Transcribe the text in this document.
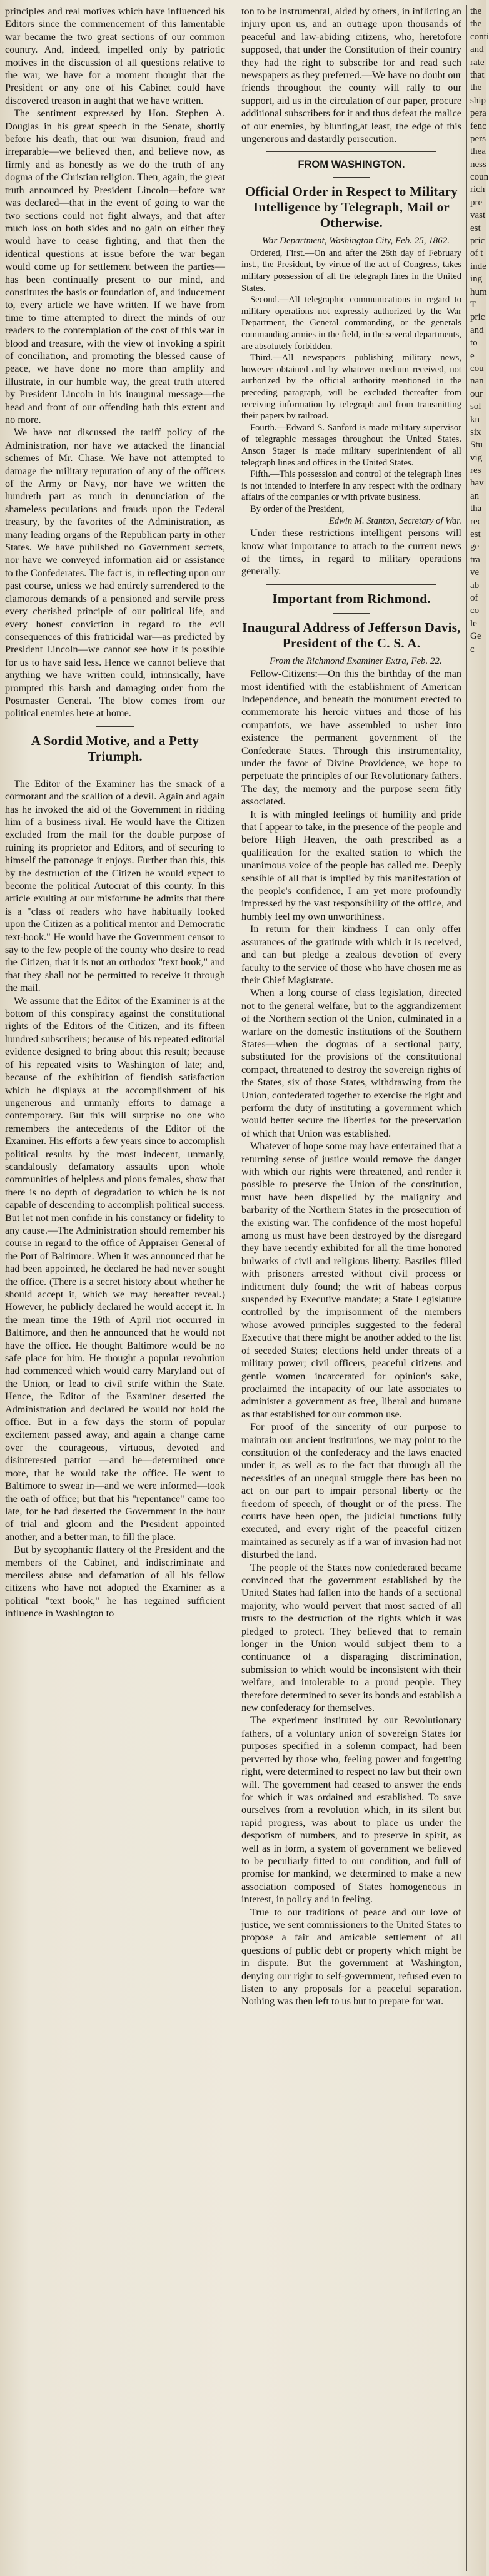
principles and real motives which have influenced his Editors since the commencement of this lamentable war became the two great sections of our common country. And, indeed, impelled only by patriotic motives in the discussion of all questions relative to the war, we have for a moment thought that the President or any one of his Cabinet could have discovered treason in aught that we have written.

The sentiment expressed by Hon. Stephen A. Douglas in his great speech in the Senate, shortly before his death, that our war disunion, fraud and irreparable—we believed then, and believe now, as firmly and as honestly as we do the truth of any dogma of the Christian religion. Then, again, the great truth announced by President Lincoln—before war was declared—that in the event of going to war the two sections could not fight always, and that after much loss on both sides and no gain on either they would have to cease fighting, and that then the identical questions at issue before the war began would come up for settlement between the parties—has been continually present to our mind, and constitutes the basis or foundation of, and inducement to, every article we have written. If we have from time to time attempted to direct the minds of our readers to the contemplation of the cost of this war in blood and treasure, with the view of invoking a spirit of conciliation, and promoting the blessed cause of peace, we have done no more than amplify and illustrate, in our humble way, the great truth uttered by President Lincoln in his inaugural message—the head and front of our offending hath this extent and no more.

We have not discussed the tariff policy of the Administration, nor have we attacked the financial schemes of Mr. Chase. We have not attempted to damage the military reputation of any of the officers of the Army or Navy, nor have we written the hundreth part as much in denunciation of the shameless peculations and frauds upon the Federal treasury, by the favorites of the Administration, as many leading organs of the Republican party in other States. We have published no Government secrets, nor have we conveyed information aid or assistance to the Confederates. The fact is, in reflecting upon our past course, unless we had entirely surrendered to the clamorous demands of a pensioned and servile press every cherished principle of our political life, and every honest conviction in regard to the evil consequences of this fratricidal war—as predicted by President Lincoln—we cannot see how it is possible for us to have said less. Hence we cannot believe that anything we have written could, intrinsically, have prompted this harsh and damaging order from the Postmaster General. The blow comes from our political enemies here at home.

A Sordid Motive, and a Petty Triumph.

The Editor of the Examiner has the smack of a cormorant and the scallion of a devil. Again and again has he invoked the aid of the Government in ridding him of a business rival. He would have the Citizen excluded from the mail for the double purpose of ruining its proprietor and Editors, and of securing to himself the patronage it enjoys. Further than this, this by the destruction of the Citizen he would expect to become the political Autocrat of this county. In this article exulting at our misfortune he admits that there is a "class of readers who have habitually looked upon the Citizen as a political mentor and Democratic text-book." He would have the Government censor to say to the few people of the county who desire to read the Citizen, that it is not an orthodox "text book," and that they shall not be permitted to receive it through the mail.

We assume that the Editor of the Examiner is at the bottom of this conspiracy against the constitutional rights of the Editors of the Citizen, and its fifteen hundred subscribers; because of his repeated editorial evidence designed to bring about this result; because of his repeated visits to Washington of late; and, because of the exhibition of fiendish satisfaction which he displays at the accomplishment of his ungenerous and unmanly efforts to damage a contemporary. But this will surprise no one who remembers the antecedents of the Editor of the Examiner. His efforts a few years since to accomplish political results by the most indecent, unmanly, scandalously defamatory assaults upon whole communities of helpless and pious females, show that there is no depth of degradation to which he is not capable of descending to accomplish political success. But let not men confide in his constancy or fidelity to any cause.—The Administration should remember his course in regard to the office of Appraiser General of the Port of Baltimore. When it was announced that he had been appointed, he declared he had never sought the office. (There is a secret history about whether he should accept it, which we may hereafter reveal.) However, he publicly declared he would accept it. In the mean time the 19th of April riot occurred in Baltimore, and then he announced that he would not have the office. He thought Baltimore would be no safe place for him. He thought a popular revolution had commenced which would carry Maryland out of the Union, or lead to civil strife within the State. Hence, the Editor of the Examiner deserted the Administration and declared he would not hold the office. But in a few days the storm of popular excitement passed away, and again a change came over the courageous, virtuous, devoted and disinterested patriot —and he—determined once more, that he would take the office. He went to Baltimore to swear in—and we were informed—took the oath of office; but that his "repentance" came too late, for he had deserted the Government in the hour of trial and gloom and the President appointed another, and a better man, to fill the place.

But by sycophantic flattery of the President and the members of the Cabinet, and indiscriminate and merciless abuse and defamation of all his fellow citizens who have not adopted the Examiner as a political "text book," he has regained sufficient influence in Washington to

ton to be instrumental, aided by others, in inflicting an injury upon us, and an outrage upon thousands of peaceful and law-abiding citizens, who, heretofore supposed, that under the Constitution of their country they had the right to subscribe for and read such newspapers as they preferred.—We have no doubt our friends throughout the county will rally to our support, aid us in the circulation of our paper, procure additional subscribers for it and thus defeat the malice of our enemies, by blunting,at least, the edge of this ungenerous and dastardly persecution.

FROM WASHINGTON.
Official Order in Respect to Military Intelligence by Telegraph, Mail or Otherwise.

War Department, Washington City, Feb. 25, 1862.

Ordered, First.—On and after the 26th day of February inst., the President, by virtue of the act of Congress, takes military possession of all the telegraph lines in the United States.

Second.—All telegraphic communications in regard to military operations not expressly authorized by the War Department, the General commanding, or the generals commanding armies in the field, in the several departments, are absolutely forbidden.

Third.—All newspapers publishing military news, however obtained and by whatever medium received, not authorized by the official authority mentioned in the preceding paragraph, will be excluded thereafter from receiving information by telegraph and from transmitting their papers by railroad.

Fourth.—Edward S. Sanford is made military supervisor of telegraphic messages throughout the United States. Anson Stager is made military superintendent of all telegraph lines and offices in the United States.

Fifth.—This possession and control of the telegraph lines is not intended to interfere in any respect with the ordinary affairs of the companies or with private business.

By order of the President,

Edwin M. Stanton, Secretary of War.

Under these restrictions intelligent persons will know what importance to attach to the current news of the times, in regard to military operations generally.

Important from Richmond.
Inaugural Address of Jefferson Davis, President of the C. S. A.

From the Richmond Examiner Extra, Feb. 22.

Fellow-Citizens:—On this the birthday of the man most identified with the establishment of American Independence, and beneath the monument erected to commemorate his heroic virtues and those of his compatriots, we have assembled to usher into existence the permanent government of the Confederate States. Through this instrumentality, under the favor of Divine Providence, we hope to perpetuate the principles of our Revolutionary fathers. The day, the memory and the purpose seem fitly associated.

It is with mingled feelings of humility and pride that I appear to take, in the presence of the people and before High Heaven, the oath prescribed as a qualification for the exalted station to which the unanimous voice of the people has called me. Deeply sensible of all that is implied by this manifestation of the people's confidence, I am yet more profoundly impressed by the vast responsibility of the office, and humbly feel my own unworthiness.

In return for their kindness I can only offer assurances of the gratitude with which it is received, and can but pledge a zealous devotion of every faculty to the service of those who have chosen me as their Chief Magistrate.

When a long course of class legislation, directed not to the general welfare, but to the aggrandizement of the Northern section of the Union, culminated in a warfare on the domestic institutions of the Southern States—when the dogmas of a sectional party, substituted for the provisions of the constitutional compact, threatened to destroy the sovereign rights of the States, six of those States, withdrawing from the Union, confederated together to exercise the right and perform the duty of instituting a government which would better secure the liberties for the preservation of which that Union was established.

Whatever of hope some may have entertained that a returning sense of justice would remove the danger with which our rights were threatened, and render it possible to preserve the Union of the constitution, must have been dispelled by the malignity and barbarity of the Northern States in the prosecution of the existing war. The confidence of the most hopeful among us must have been destroyed by the disregard they have recently exhibited for all the time honored bulwarks of civil and religious liberty. Bastiles filled with prisoners arrested without civil process or indictment duly found; the writ of habeas corpus suspended by Executive mandate; a State Legislature controlled by the imprisonment of the members whose avowed principles suggested to the federal Executive that there might be another added to the list of seceded States; elections held under threats of a military power; civil officers, peaceful citizens and gentle women incarcerated for opinion's sake, proclaimed the incapacity of our late associates to administer a government as free, liberal and humane as that established for our common use.

For proof of the sincerity of our purpose to maintain our ancient institutions, we may point to the constitution of the confederacy and the laws enacted under it, as well as to the fact that through all the necessities of an unequal struggle there has been no act on our part to impair personal liberty or the freedom of speech, of thought or of the press. The courts have been open, the judicial functions fully executed, and every right of the peaceful citizen maintained as securely as if a war of invasion had not disturbed the land.

The people of the States now confederated became convinced that the government established by the United States had fallen into the hands of a sectional majority, who would pervert that most sacred of all trusts to the destruction of the rights which it was pledged to protect. They believed that to remain longer in the Union would subject them to a continuance of a disparaging discrimination, submission to which would be inconsistent with their welfare, and intolerable to a proud people. They therefore determined to sever its bonds and establish a new confederacy for themselves.

The experiment instituted by our Revolutionary fathers, of a voluntary union of sovereign States for purposes specified in a solemn compact, had been perverted by those who, feeling power and forgetting right, were determined to respect no law but their own will. The government had ceased to answer the ends for which it was ordained and established. To save ourselves from a revolution which, in its silent but rapid progress, was about to place us under the despotism of numbers, and to preserve in spirit, as well as in form, a system of government we believed to be peculiarly fitted to our condition, and full of promise for mankind, we determined to make a new association composed of States homogeneous in interest, in policy and in feeling.

True to our traditions of peace and our love of justice, we sent commissioners to the United States to propose a fair and amicable settlement of all questions of public debt or property which might be in dispute. But the government at Washington, denying our right to self-government, refused even to listen to any proposals for a peaceful separation. Nothing was then left to us but to prepare for war.

the
the
conti
and
rate
that
the
ship
pera
fenc
pers
thea
ness
coun
rich
pre
vast
est
pric
of t
inde
ing
hum
T
pric
and
to
e
cou
nan
our
sol
kn
six
Stu
vig
res
hav
an
tha
rec
est
ge
tra
ve
ab
of
co
le
Ge
c
